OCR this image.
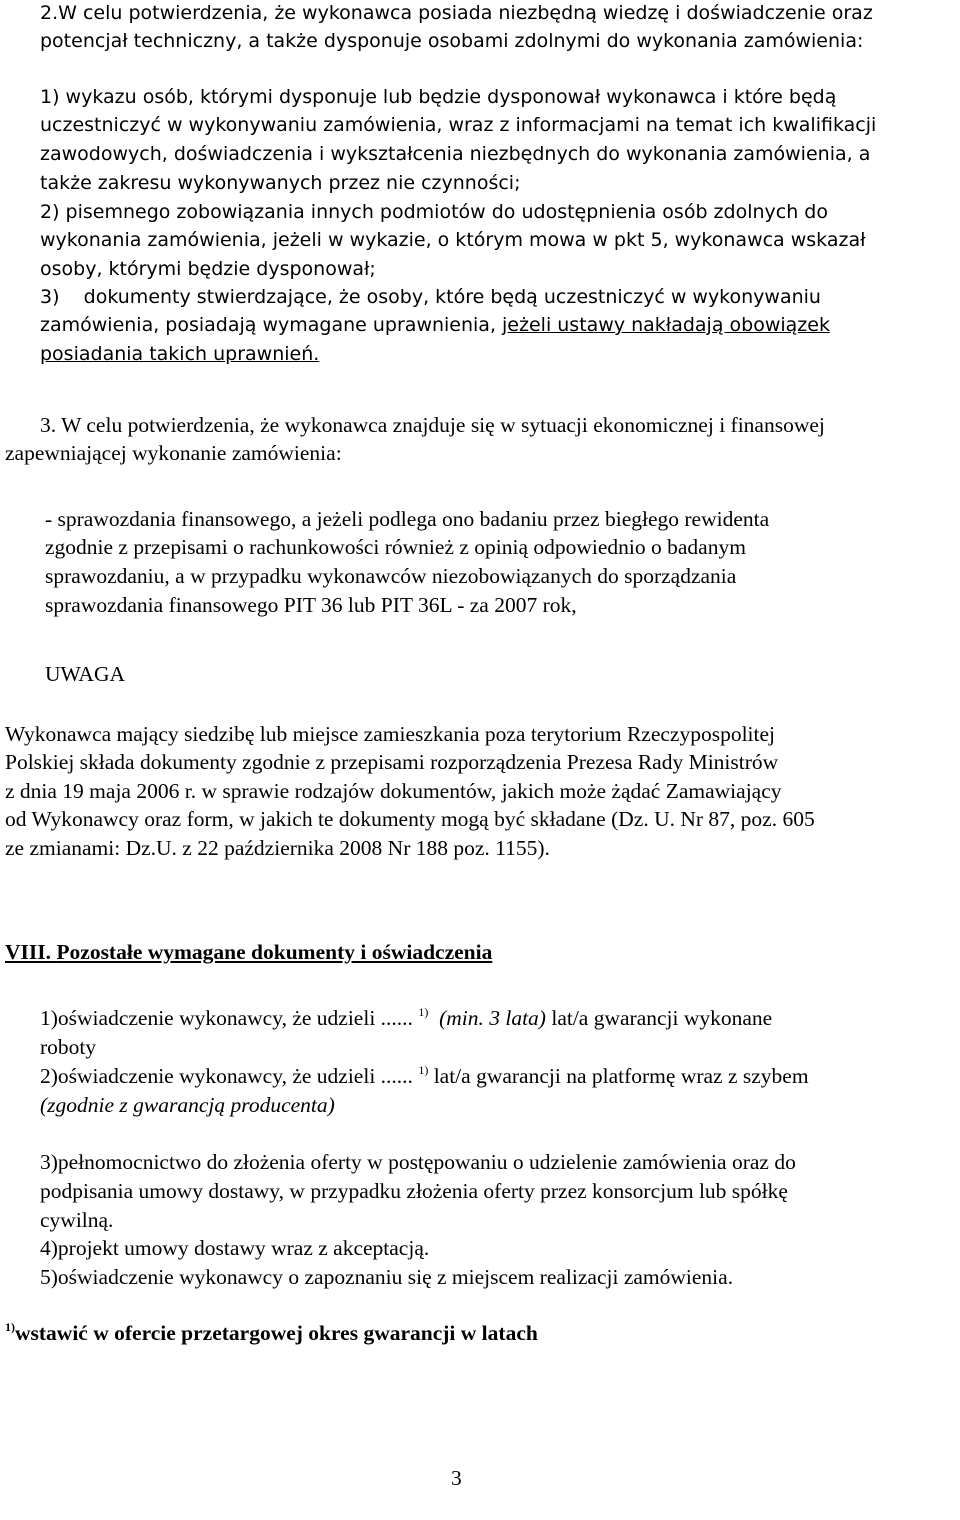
2.W celu potwierdzenia, że wykonawca posiada niezbędną wiedzę i doświadczenie oraz

potencjał techniczny, a także dysponuje osobami zdolnymi do wykonania zamówienia:

1) wykazu osób, którymi dysponuje lub będzie dysponował wykonawca i które będą

uczestniczyć w wykonywaniu zamówienia, wraz z informacjami na temat ich kwalifikacji

zawodowych, doświadczenia i wykształcenia niezbędnych do wykonania zamówienia, a

także zakresu wykonywanych przez nie czynności;

2) pisemnego zobowiązania innych podmiotów do udostępnienia osób zdolnych do

wykonania zamówienia, jeżeli w wykazie, o którym mowa w pkt 5, wykonawca wskazał

osoby, którymi będzie dysponował;

3)    dokumenty stwierdzające, że osoby, które będą uczestniczyć w wykonywaniu

zamówienia, posiadają wymagane uprawnienia, jeżeli ustawy nakładają obowiązek

posiadania takich uprawnień.

3. W celu potwierdzenia, że wykonawca znajduje się w sytuacji ekonomicznej i finansowej

zapewniającej wykonanie zamówienia:

- sprawozdania finansowego, a jeżeli podlega ono badaniu przez biegłego rewidenta

zgodnie z przepisami o rachunkowości również z opinią odpowiednio o badanym

sprawozdaniu, a w przypadku wykonawców niezobowiązanych do sporządzania

sprawozdania finansowego PIT 36 lub PIT 36L - za 2007 rok,

UWAGA

Wykonawca mający siedzibę lub miejsce zamieszkania poza terytorium Rzeczypospolitej

Polskiej składa dokumenty zgodnie z przepisami rozporządzenia Prezesa Rady Ministrów

z dnia 19 maja 2006 r. w sprawie rodzajów dokumentów, jakich może żądać Zamawiający

od Wykonawcy oraz form, w jakich te dokumenty mogą być składane (Dz. U. Nr 87, poz. 605

ze zmianami: Dz.U. z 22 października 2008 Nr 188 poz. 1155).

VIII. Pozostałe wymagane dokumenty i oświadczenia

1)oświadczenie wykonawcy, że udzieli ...... $^{1)}$ (min. 3 lata) lat/a gwarancji wykonane

roboty

2)oświadczenie wykonawcy, że udzieli ...... $^{1)}$ lat/a gwarancji na platformę wraz z szybem

(zgodnie z gwarancją producenta)

3)pełnomocnictwo do złożenia oferty w postępowaniu o udzielenie zamówienia oraz do

podpisania umowy dostawy, w przypadku złożenia oferty przez konsorcjum lub spółkę

cywilną.

4)projekt umowy dostawy wraz z akceptacją.

5)oświadczenie wykonawcy o zapoznaniu się z miejscem realizacji zamówienia.

$^{1)}$wstawić w ofercie przetargowej okres gwarancji w latach

3
